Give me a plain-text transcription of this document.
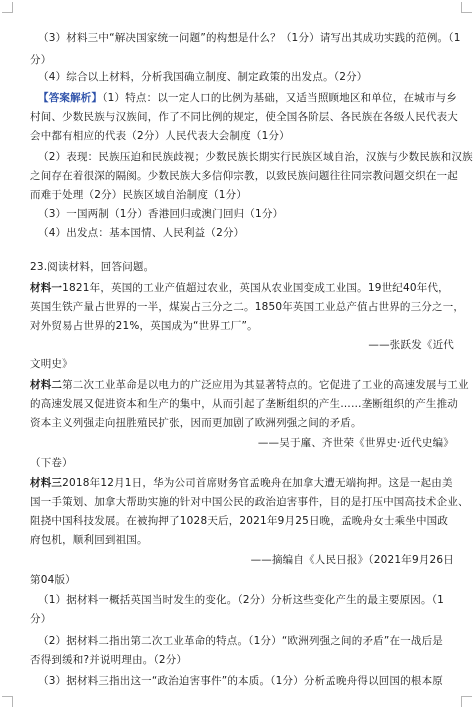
（3）材料三中“解决国家统一问题”的构想是什么？（1分）请写出其成功实践的范例。（1
分）
（4）综合以上材料，分析我国确立制度、制定政策的出发点。（2分）
【答案解析】（1）特点：以一定人口的比例为基础，又适当照顾地区和单位，在城市与乡
村间、少数民族与汉族间，作了不同比例的规定，使全国各阶层、各民族在各级人民代表大
会中都有相应的代表（2分）人民代表大会制度（1分）
（2）表现：民族压迫和民族歧视；少数民族长期实行民族区域自治，汉族与少数民族和汉族
之间存在着很深的隔阂。少数民族大多信仰宗教，以致民族问题往往同宗教问题交织在一起
而难于处理（2分）民族区域自治制度（1分）
（3）一国两制（1分）香港回归或澳门回归（1分）
（4）出发点：基本国情、人民利益（2分）
23.阅读材料，回答问题。
材料一1821年，英国的工业产值超过农业，英国从农业国变成工业国。19世纪40年代，
英国生铁产量占世界的一半，煤炭占三分之二。1850年英国工业总产值占世界的三分之一，
对外贸易占世界的21%，英国成为“世界工厂”。
——张跃发《近代
文明史》
材料二第二次工业革命是以电力的广泛应用为其显著特点的。它促进了工业的高速发展与工业
的高速发展又促进资本和生产的集中，从而引起了垄断组织的产生……垄断组织的产生推动
资本主义列强走向扭胜殖民扩张，因而更加剧了欧洲列强之间的矛盾。
——吴于廑、齐世荣《世界史·近代史编》
（下卷）
材料三2018年12月1日，华为公司首席财务官孟晚舟在加拿大遭无端拘押。这是一起由美
国一手策划、加拿大帮助实施的针对中国公民的政治迫害事件，目的是打压中国高技术企业、
阻挠中国科技发展。在被拘押了1028天后，2021年9月25日晚，孟晚舟女士乘坐中国政
府包机，顺利回到祖国。
——摘编自《人民日报》（2021年9月26日
第04版）
（1）据材料一概括英国当时发生的变化。（2分）分析这些变化产生的最主要原因。（1
分）
（2）据材料二指出第二次工业革命的特点。（1分）“欧洲列强之间的矛盾”在一战后是
否得到缓和?并说明理由。（2分）
（3）据材料三指出这一“政治迫害事件”的本质。（1分）分析孟晚舟得以回国的根本原
